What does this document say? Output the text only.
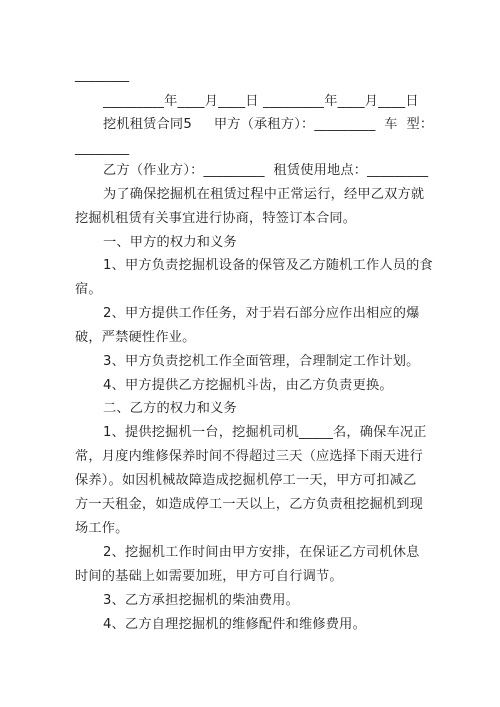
________
_________年____月____日 _________年____月____日
挖机租赁合同5     甲方（承租方）：_________  车  型：
________
乙方（作业方）：_________  租赁使用地点：_________
为了确保挖掘机在租赁过程中正常运行，经甲乙双方就
挖掘机租赁有关事宜进行协商，特签订本合同。
一、甲方的权力和义务
1、甲方负责挖掘机设备的保管及乙方随机工作人员的食
宿。
2、甲方提供工作任务，对于岩石部分应作出相应的爆
破，严禁硬性作业。
3、甲方负责挖机工作全面管理，合理制定工作计划。
4、甲方提供乙方挖掘机斗齿，由乙方负责更换。
二、乙方的权力和义务
1、提供挖掘机一台，挖掘机司机_____名，确保车况正
常，月度内维修保养时间不得超过三天（应选择下雨天进行
保养）。如因机械故障造成挖掘机停工一天，甲方可扣减乙
方一天租金，如造成停工一天以上，乙方负责租挖掘机到现
场工作。
2、挖掘机工作时间由甲方安排，在保证乙方司机休息
时间的基础上如需要加班，甲方可自行调节。
3、乙方承担挖掘机的柴油费用。
4、乙方自理挖掘机的维修配件和维修费用。
